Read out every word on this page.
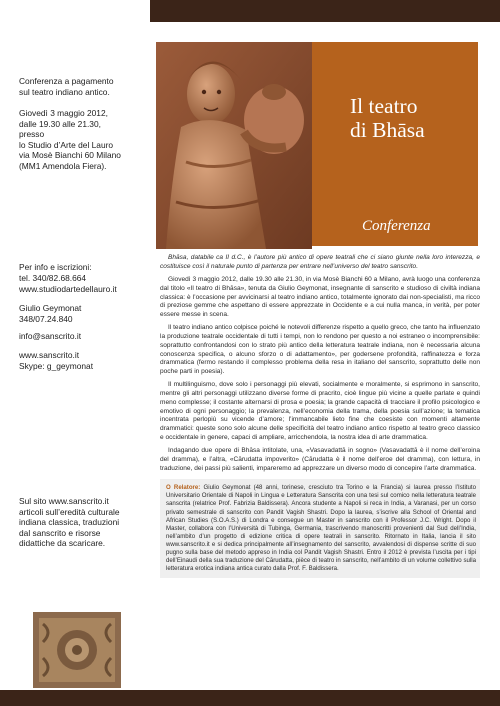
Conferenza a pagamento
sul teatro indiano antico.
Giovedì 3 maggio 2012,
dalle 19.30 alle 21.30,
presso
lo Studio d’Arte del Lauro
via Mosè Bianchi 60 Milano
(MM1 Amendola Fiera).
Per info e iscrizioni:
tel. 340/82.68.664
www.studiodartedellauro.it
Giulio Geymonat
348/07.24.840
info@sanscrito.it
www.sanscrito.it
Skype: g_geymonat
Sul sito www.sanscrito.it
articoli sull’eredità culturale
indiana classica, traduzioni
dal sanscrito e risorse
didattiche da scaricare.
Il teatro
di Bhāsa
Conferenza

Bhāsa, databile ca II d.C., è l’autore più antico di opere teatrali che ci siano giunte nella loro interezza, e costituisce così il naturale punto di partenza per entrare nell’universo del teatro sanscrito.

Giovedì 3 maggio 2012, dalle 19.30 alle 21.30, in via Mosè Bianchi 60 a Milano, avrà luogo una conferenza dal titolo «Il teatro di Bhāsa», tenuta da Giulio Geymonat, insegnante di sanscrito e studioso di civiltà indiana classica: è l’occasione per avvicinarsi al teatro indiano antico, totalmente ignorato dai non-specialisti, ma ricco di preziose gemme che aspettano di essere apprezzate in Occidente e a cui nulla manca, in verità, per poter essere messe in scena.

Il teatro indiano antico colpisce poiché le notevoli differenze rispetto a quello greco, che tanto ha influenzato la produzione teatrale occidentale di tutti i tempi, non lo rendono per questo a noi estraneo o incomprensibile: soprattutto confrontandosi con lo strato più antico della letteratura teatrale indiana, non è necessaria alcuna conoscenza specifica, o alcuno sforzo o di adattamento», per godersene profondità, raffinatezza e forza drammatica (fermo restando il complesso problema della resa in italiano del sanscrito, soprattutto delle non poche parti in poesia).

Il multilinguismo, dove solo i personaggi più elevati, socialmente e moralmente, si esprimono in sanscrito, mentre gli altri personaggi utilizzano diverse forme di pracrito, cioè lingue più vicine a quelle parlate e quindi meno complesse; il costante alternarsi di prosa e poesia; la grande capacità di tracciare il profilo psicologico e emotivo di ogni personaggio; la prevalenza, nell’economia della trama, della poesia sull’azione; la tematica incentrata perlopiù su vicende d’amore; l’immancabile lieto fine che coesiste con momenti altamente drammatici: queste sono solo alcune delle specificità del teatro indiano antico rispetto al teatro greco classico e occidentale in genere, capaci di ampliare, arricchendola, la nostra idea di arte drammatica.

Indagando due opere di Bhāsa intitolate, una, «Vasavadattā in sogno» (Vasavadattā è il nome dell’eroina del dramma), e l’altra, «Cārudatta impoverito» (Cārudatta è il nome dell’eroe del dramma), con lettura, in traduzione, dei passi più salienti, impareremo ad apprezzare un diverso modo di concepire l’arte drammatica.

O Relatore: Giulio Geymonat (48 anni, torinese, cresciuto tra Torino e la Francia) si laurea presso l’Istituto Universitario Orientale di Napoli in Lingua e Letteratura Sanscrita con una tesi sul comico nella letteratura teatrale sanscrita (relatrice Prof. Fabrizia Baldissera). Ancora studente a Napoli si reca in India, a Varanasi, per un corso privato semestrale di sanscrito con Pandit Vagish Shastri. Dopo la laurea, s’iscrive alla School of Oriental and African Studies (S.O.A.S.) di Londra e consegue un Master in sanscrito con il Professor J.C. Wright. Dopo il Master, collabora con l’Università di Tubinga, Germania, trascrivendo manoscritti provenienti dal Sud dell’India, nell’ambito d’un progetto di edizione critica di opere teatrali in sanscrito. Ritornato in Italia, lancia il sito www.sanscrito.it e si dedica principalmente all’insegnamento del sanscrito, avvalendosi di dispense scritte di suo pugno sulla base del metodo appreso in India col Pandit Vagish Shastri. Entro il 2012 è prevista l’uscita per i tipi dell’Einaudi della sua traduzione del Cārudatta, pièce di teatro in sanscrito, nell’ambito di un volume collettivo sulla letteratura erotica indiana antica curato dalla Prof. F. Baldissera.
